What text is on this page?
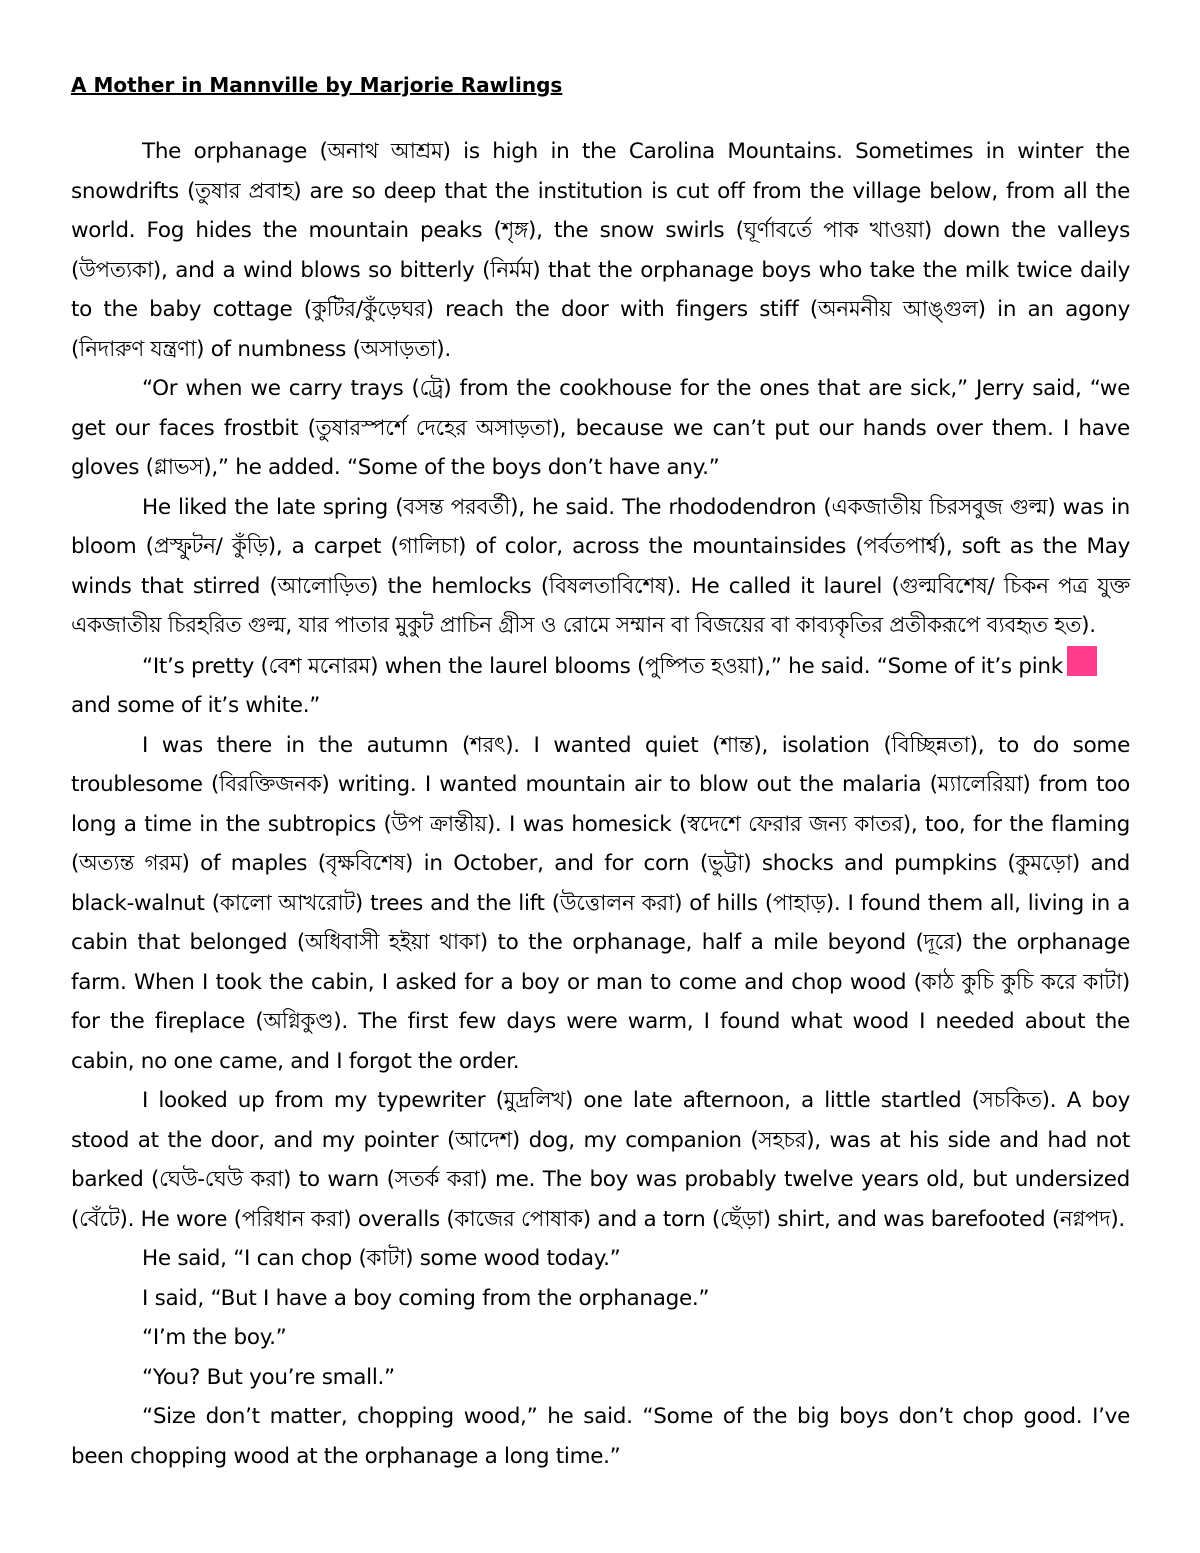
A Mother in Mannville by Marjorie Rawlings

The orphanage (অনাথ আশ্রম) is high in the Carolina Mountains. Sometimes in winter the snowdrifts (তুষার প্রবাহ) are so deep that the institution is cut off from the village below, from all the world. Fog hides the mountain peaks (শৃঙ্গ), the snow swirls (ঘূর্ণাবর্তে পাক খাওয়া) down the valleys (উপত্যকা), and a wind blows so bitterly (নির্মম) that the orphanage boys who take the milk twice daily to the baby cottage (কুটির/কুঁড়েঘর) reach the door with fingers stiff (অনমনীয় আঙ্গুল) in an agony (নিদারুণ যন্ত্রণা) of numbness (অসাড়তা).

“Or when we carry trays (ট্রে) from the cookhouse for the ones that are sick,” Jerry said, “we get our faces frostbit (তুষারস্পর্শে দেহের অসাড়তা), because we can’t put our hands over them. I have gloves (গ্লাভস),” he added. “Some of the boys don’t have any.”

He liked the late spring (বসন্ত পরবর্তী), he said. The rhododendron (একজাতীয় চিরসবুজ গুল্ম) was in bloom (প্রস্ফুটন/ কুঁড়ি), a carpet (গালিচা) of color, across the mountainsides (পর্বতপার্শ্ব), soft as the May winds that stirred (আলোড়িত) the hemlocks (বিষলতাবিশেষ). He called it laurel (গুল্মবিশেষ/ চিকন পত্র যুক্ত একজাতীয় চিরহরিত গুল্ম, যার পাতার মুকুট প্রাচিন গ্রীস ও রোমে সম্মান বা বিজয়ের বা কাব্যকৃতির প্রতীকরূপে ব্যবহৃত হত).

“It’s pretty (বেশ মনোরম) when the laurel blooms (পুষ্পিত হওয়া),” he said. “Some of it’s pink

and some of it’s white.”

I was there in the autumn (শরৎ). I wanted quiet (শান্ত), isolation (বিচ্ছিন্নতা), to do some troublesome (বিরক্তিজনক) writing. I wanted mountain air to blow out the malaria (ম্যালেরিয়া) from too long a time in the subtropics (উপ ক্রান্তীয়). I was homesick (স্বদেশে ফেরার জন্য কাতর), too, for the flaming (অত্যন্ত গরম) of maples (বৃক্ষবিশেষ) in October, and for corn (ভুট্টা) shocks and pumpkins (কুমড়ো) and black-walnut (কালো আখরোট) trees and the lift (উত্তোলন করা) of hills (পাহাড়). I found them all, living in a cabin that belonged (অধিবাসী হইয়া থাকা) to the orphanage, half a mile beyond (দূরে) the orphanage farm. When I took the cabin, I asked for a boy or man to come and chop wood (কাঠ কুচি কুচি করে কাটা) for the fireplace (অগ্নিকুণ্ড). The first few days were warm, I found what wood I needed about the cabin, no one came, and I forgot the order.

I looked up from my typewriter (মুদ্রলিখ) one late afternoon, a little startled (সচকিত). A boy stood at the door, and my pointer (আদেশ) dog, my companion (সহচর), was at his side and had not barked (ঘেউ-ঘেউ করা) to warn (সতর্ক করা) me. The boy was probably twelve years old, but undersized (বেঁটে). He wore (পরিধান করা) overalls (কাজের পোষাক) and a torn (ছেঁড়া) shirt, and was barefooted (নগ্নপদ).

He said, “I can chop (কাটা) some wood today.”

I said, “But I have a boy coming from the orphanage.”

“I’m the boy.”

“You? But you’re small.”

“Size don’t matter, chopping wood,” he said. “Some of the big boys don’t chop good. I’ve been chopping wood at the orphanage a long time.”
